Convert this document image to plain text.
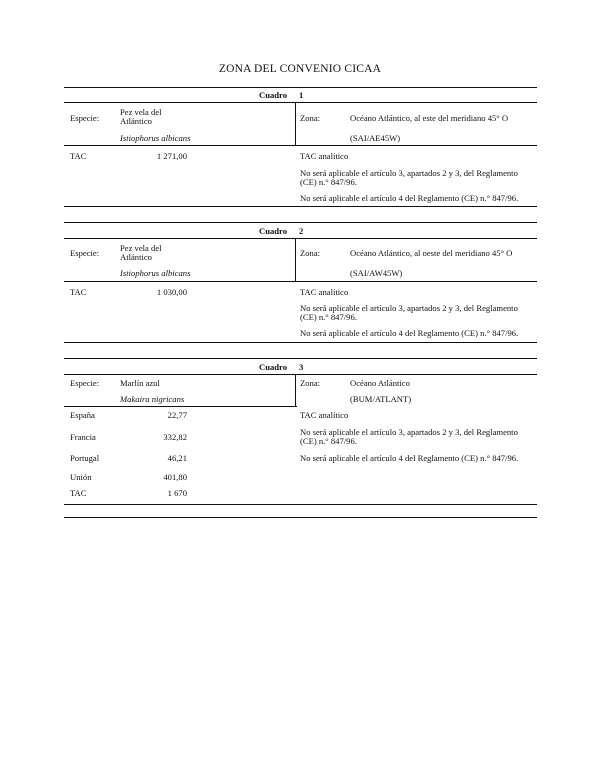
ZONA DEL CONVENIO CICAA
Cuadro 1
Especie:
Pez vela del
Atlántico
Istiophorus albicans
Zona:	Océano Atlántico, al este del meridiano 45° O
(SAI/AE45W)
TAC	1 271,00	TAC analítico
No será aplicable el artículo 3, apartados 2 y 3, del Reglamento
(CE) n.° 847/96.
No será aplicable el artículo 4 del Reglamento (CE) n.° 847/96.
Cuadro 2
Especie: Pez vela del
Atlántico
Istiophorus albicans
Zona:	Océano Atlántico, al oeste del meridiano 45° O
(SAI/AW45W)
TAC	1 030,00	TAC analítico
No será aplicable el artículo 3, apartados 2 y 3, del Reglamento
(CE) n.° 847/96.
No será aplicable el artículo 4 del Reglamento (CE) n.° 847/96.
Cuadro 3
Especie: Marlín azul
Makaira nigricans
Zona:	Océano Atlántico
(BUM/ATLANT)
España	22,77
Francia	332,82
Portugal	46,21
Unión	401,80
TAC	1 670
TAC analítico
No será aplicable el artículo 3, apartados 2 y 3, del Reglamento
(CE) n.° 847/96.
No será aplicable el artículo 4 del Reglamento (CE) n.° 847/96.
